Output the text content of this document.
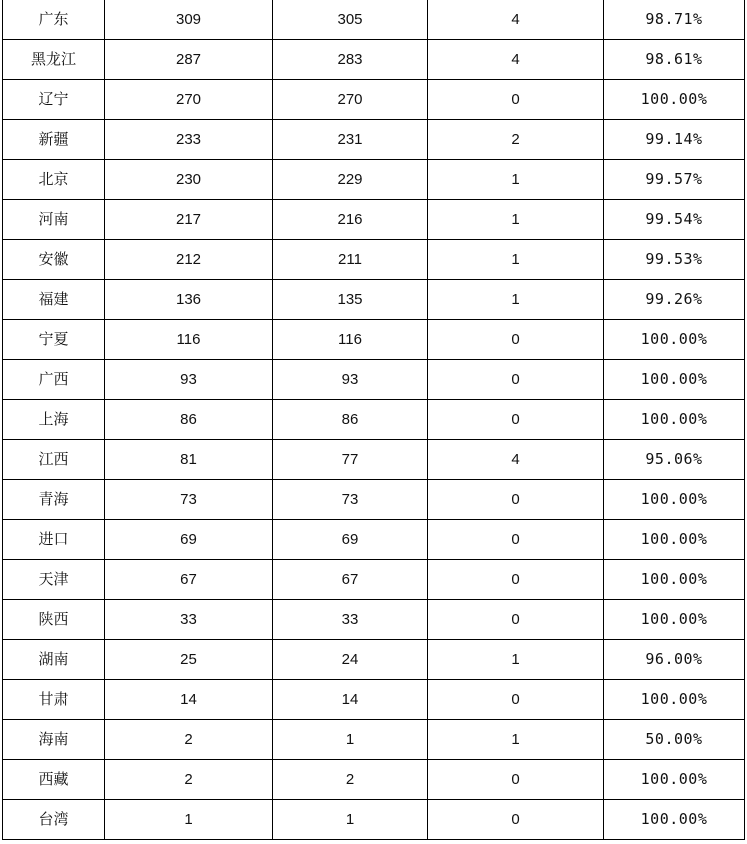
广东	309	305	4	98.71%
黑龙江	287	283	4	98.61%
辽宁	270	270	0	100.00%
新疆	233	231	2	99.14%
北京	230	229	1	99.57%
河南	217	216	1	99.54%
安徽	212	211	1	99.53%
福建	136	135	1	99.26%
宁夏	116	116	0	100.00%
广西	93	93	0	100.00%
上海	86	86	0	100.00%
江西	81	77	4	95.06%
青海	73	73	0	100.00%
进口	69	69	0	100.00%
天津	67	67	0	100.00%
陕西	33	33	0	100.00%
湖南	25	24	1	96.00%
甘肃	14	14	0	100.00%
海南	2	1	1	50.00%
西藏	2	2	0	100.00%
台湾	1	1	0	100.00%
